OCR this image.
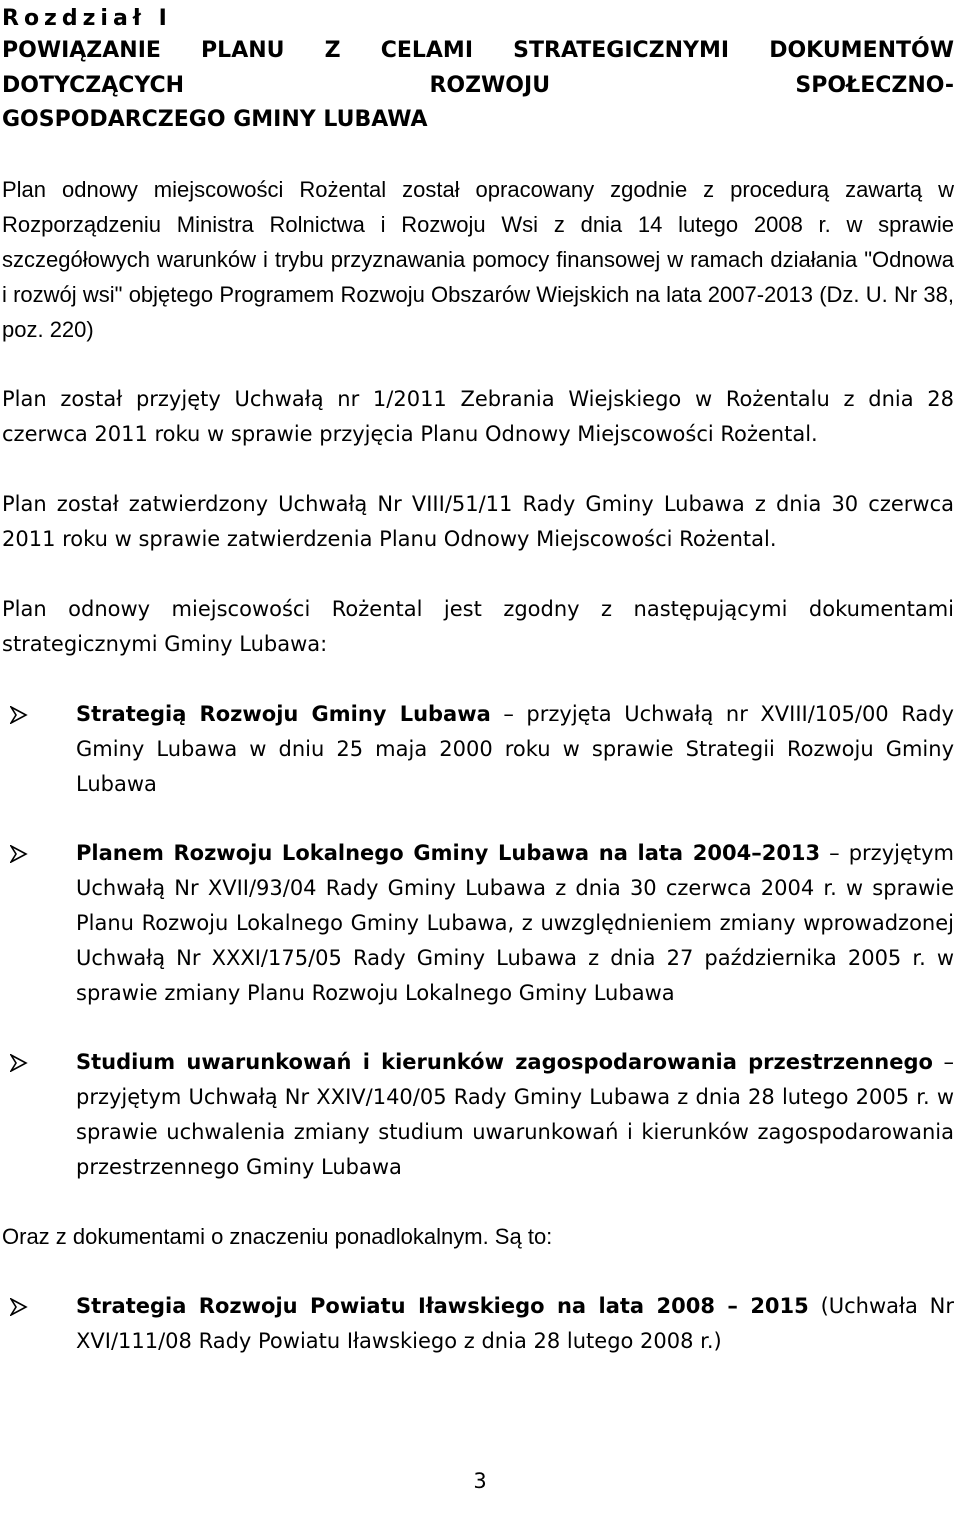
Rozdział I

POWIĄZANIE PLANU Z CELAMI STRATEGICZNYMI DOKUMENTÓW DOTYCZĄCYCH ROZWOJU SPOŁECZNO-
GOSPODARCZEGO GMINY LUBAWA

Plan odnowy miejscowości Rożental został opracowany zgodnie z procedurą zawartą w Rozporządzeniu Ministra Rolnictwa i Rozwoju Wsi z dnia 14 lutego 2008 r. w sprawie szczegółowych warunków i trybu przyznawania pomocy finansowej w ramach działania "Odnowa i rozwój wsi" objętego Programem Rozwoju Obszarów Wiejskich na lata 2007-2013 (Dz. U. Nr 38, poz. 220)

Plan został przyjęty Uchwałą nr 1/2011 Zebrania Wiejskiego w Rożentalu z dnia 28 czerwca 2011 roku w sprawie przyjęcia Planu Odnowy Miejscowości Rożental.

Plan został zatwierdzony Uchwałą Nr VIII/51/11 Rady Gminy Lubawa z dnia 30 czerwca 2011 roku w sprawie zatwierdzenia Planu Odnowy Miejscowości Rożental.

Plan odnowy miejscowości Rożental jest zgodny z następującymi dokumentami strategicznymi Gminy Lubawa:

Strategią Rozwoju Gminy Lubawa – przyjęta Uchwałą nr XVIII/105/00 Rady Gminy Lubawa w dniu 25 maja 2000 roku w sprawie Strategii Rozwoju Gminy Lubawa
Planem Rozwoju Lokalnego Gminy Lubawa na lata 2004–2013 – przyjętym Uchwałą Nr XVII/93/04 Rady Gminy Lubawa z dnia 30 czerwca 2004 r. w sprawie Planu Rozwoju Lokalnego Gminy Lubawa, z uwzględnieniem zmiany wprowadzonej Uchwałą Nr XXXI/175/05 Rady Gminy Lubawa z dnia 27 października 2005 r. w sprawie zmiany Planu Rozwoju Lokalnego Gminy Lubawa
Studium uwarunkowań i kierunków zagospodarowania przestrzennego – przyjętym Uchwałą Nr XXIV/140/05 Rady Gminy Lubawa z dnia 28 lutego 2005 r. w sprawie uchwalenia zmiany studium uwarunkowań i kierunków zagospodarowania przestrzennego Gminy Lubawa

Oraz z dokumentami o znaczeniu ponadlokalnym. Są to:

Strategia Rozwoju Powiatu Iławskiego na lata 2008 – 2015 (Uchwała Nr XVI/111/08 Rady Powiatu Iławskiego z dnia 28 lutego 2008 r.)
3
